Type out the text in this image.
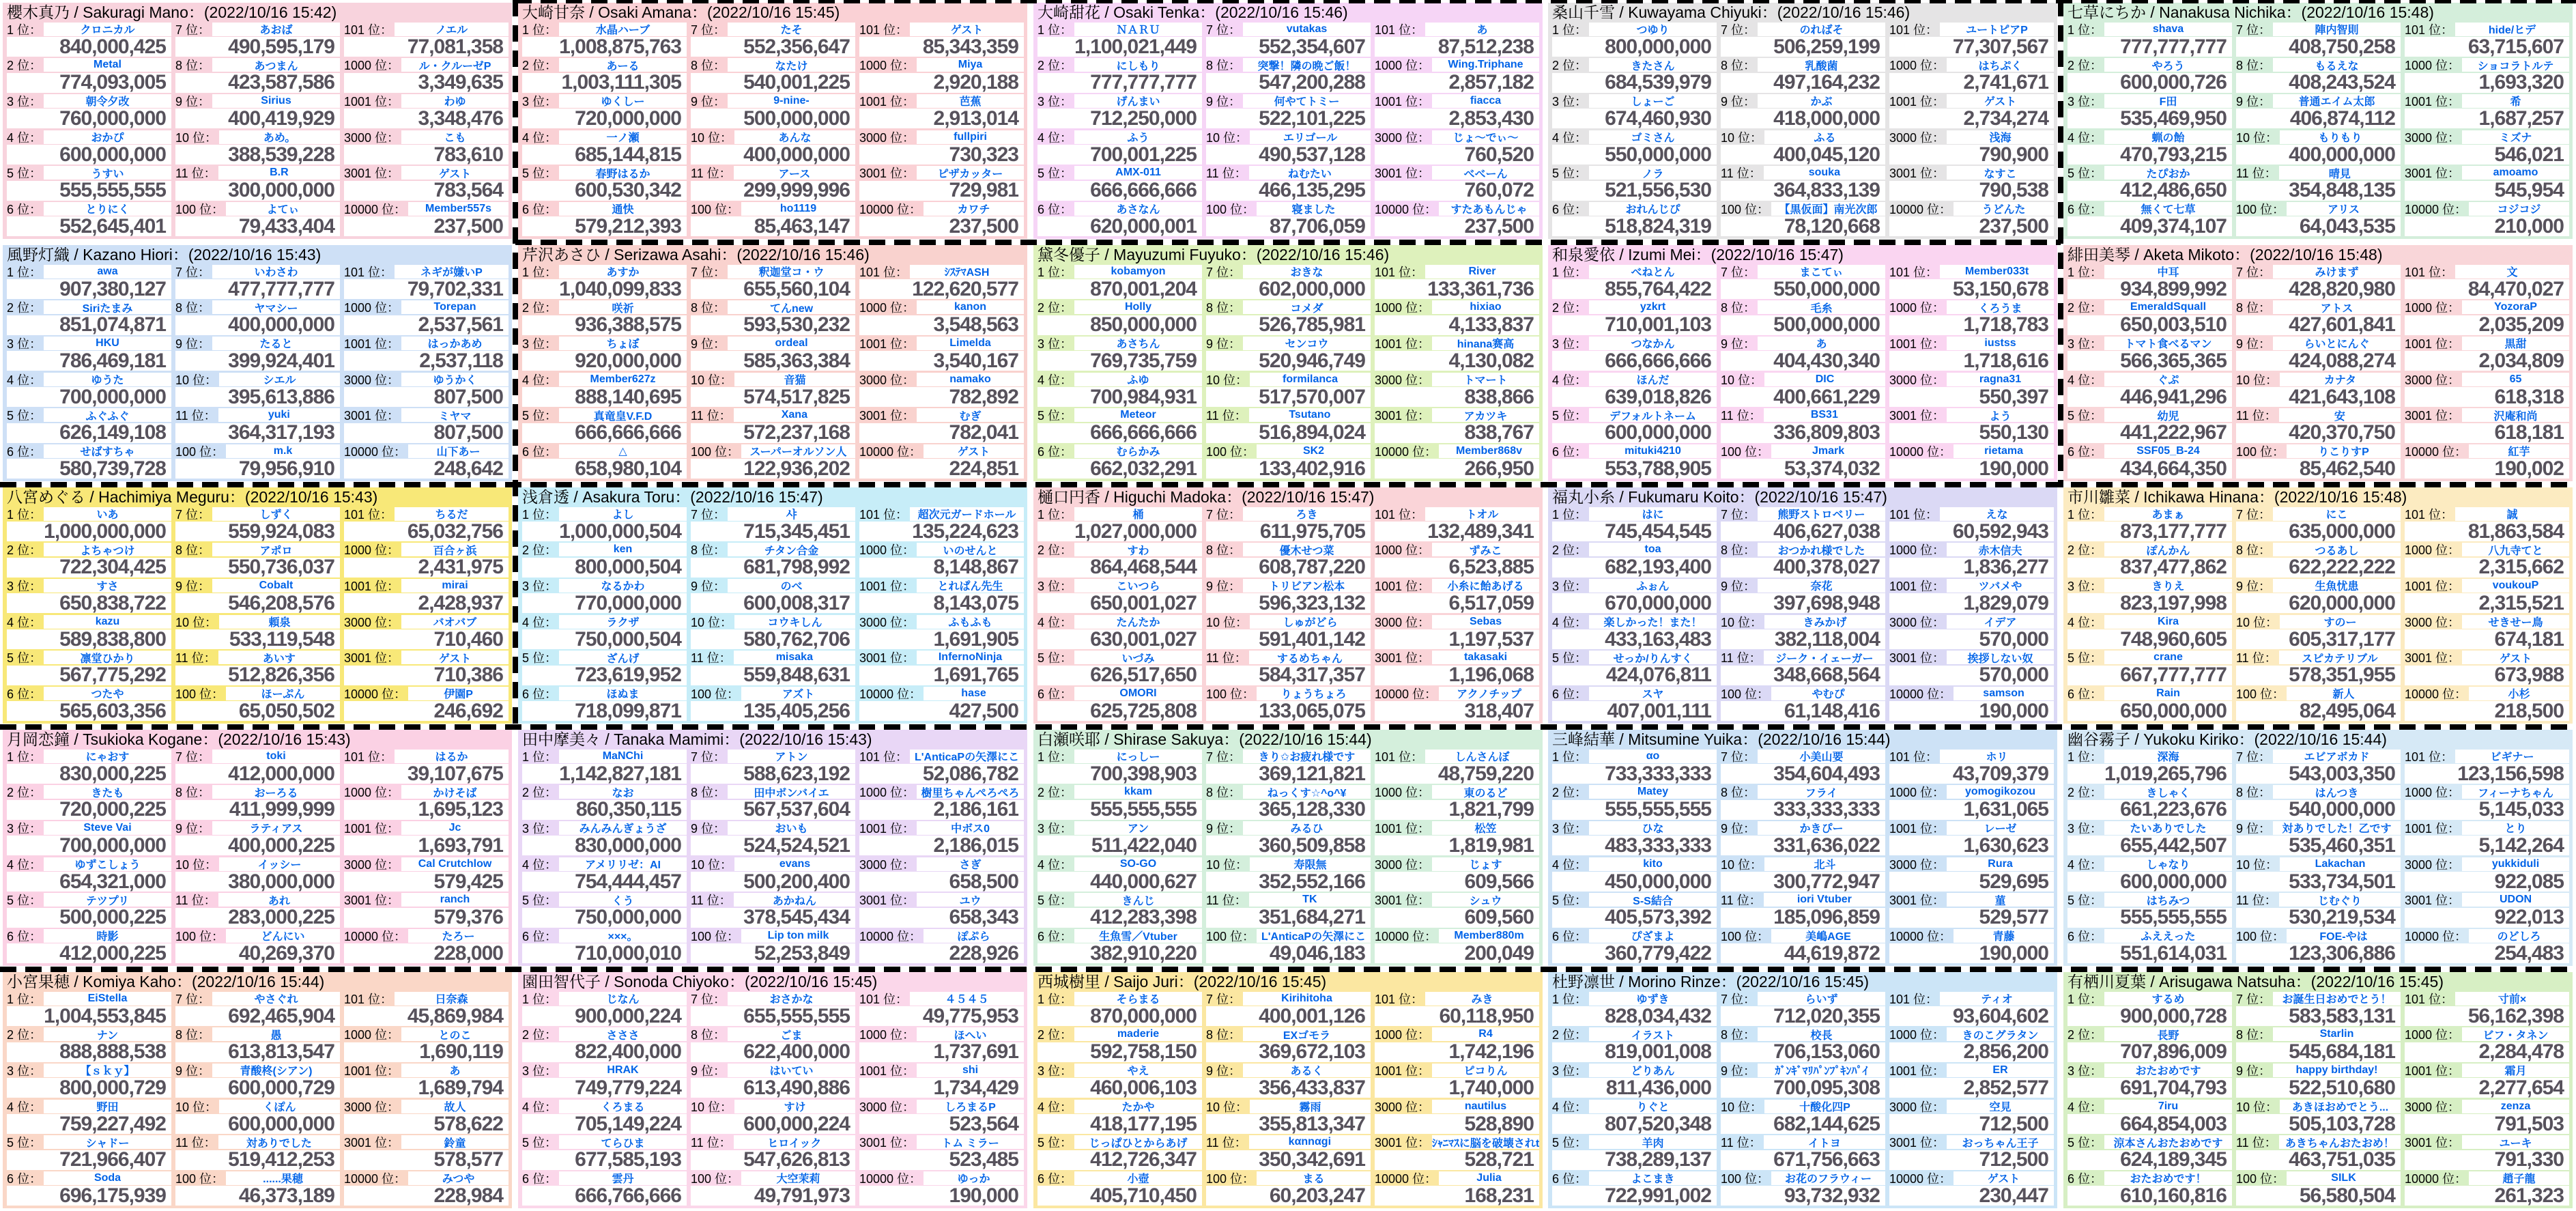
櫻木真乃 / Sakuragi Mano：(2022/10/16 15:42)
1 位：	クロニカル
840,000,425
2 位：	Metal
774,093,005
3 位：	朝令夕改
760,000,000
4 位：	おかぴ
600,000,000
5 位：	うすい
555,555,555
6 位：	とりにく
552,645,401
7 位：	あおば
490,595,179
8 位：	あつまん
423,587,586
9 位：	Sirius
400,419,929
10 位：	あめ。
388,539,228
11 位：	B.R
300,000,000
100 位：	よてぃ
79,433,404
101 位：	ノエル
77,081,358
1000 位： ル・クルーゼP
3,349,635
1001 位：	わゆ
3,348,476
3000 位：	こも
783,610
3001 位：	ゲスト
783,564
10000 位： Member557s
237,500
大崎甘奈 / Osaki Amana：(2022/10/16 15:45)
1 位：	水晶ハーブ
1,008,875,763
2 位：	あーる
1,003,111,305
3 位：	ゆくしー
720,000,000
4 位：	一ノ瀬
685,144,815
5 位：	春野はるか
600,530,342
6 位：	通快
579,212,393
7 位：	たそ
552,356,647
8 位：	なたけ
540,001,225
9 位：	9-nine-
500,000,000
10 位：	あんな
400,000,000
11 位：	アース
299,999,996
100 位：	ho1119
85,463,147
101 位：	ゲスト
85,343,359
1000 位：	Miya
2,920,188
1001 位：	芭蕉
2,913,014
3000 位：	fullpiri
730,323
3001 位： ピザカッター
729,981
10000 位：	カワチ
237,500
大崎甜花 / Osaki Tenka：(2022/10/16 15:46)
1 位：	ＮＡＲＵ
1,100,021,449
2 位：	にしもり
777,777,777
3 位：	げんまい
712,250,000
4 位：	ふう
700,001,225
5 位：	AMX-011
666,666,666
6 位：	あさなん
620,000,001
7 位：	vutakas
552,354,607
8 位： 突撃！隣の晩ご飯！
547,200,288
9 位：	何やてトミー
522,101,225
10 位：	エリゴール
490,537,128
11 位：	ねむたい
466,135,295
100 位：	寝ました
87,706,059
101 位：	あ
87,512,238
1000 位： Wing.Triphane
2,857,182
1001 位：	fiacca
2,853,430
3000 位： じょ〜でぃ〜
760,520
3001 位：	べべーん
760,072
10000 位： すたあもんじゃ
237,500
桑山千雪 / Kuwayama Chiyuki：(2022/10/16 15:46)
1 位：	つゆり
800,000,000
2 位：	きたさん
684,539,979
3 位：	しょーご
674,460,930
4 位：	ゴミさん
550,000,000
5 位：	ノラ
521,556,530
6 位：	おれんじぴ
518,824,319
7 位：	のればそ
506,259,199
8 位：	乳酸菌
497,164,232
9 位：	かぶ
418,000,000
10 位：	ふる
400,045,120
11 位：	souka
364,833,139
100 位： 【黒仮面】南光次郎
78,120,668
101 位：	ユートピアP
77,307,567
1000 位：	はちぷく
2,741,671
1001 位：	ゲスト
2,734,274
3000 位：	浅海
790,900
3001 位：	なすこ
790,538
10000 位：	うどんた
237,500
七草にちか / Nanakusa Nichika：(2022/10/16 15:48)
1 位：	shava
777,777,777
2 位：	やろう
600,000,726
3 位：	F田
535,469,950
4 位：	蝋の飴
470,793,215
5 位：	たぴおか
412,486,650
6 位：	無くて七草
409,374,107
7 位：	陣内智則
408,750,258
8 位：	もるえな
408,243,524
9 位：	普通エイム太郎
406,874,112
10 位：	もりもり
400,000,000
11 位：	晴見
354,848,135
100 位：	アリス
64,043,535
101 位：	hide/ヒデ
63,715,607
1000 位： ショコラトルテ
1,693,320
1001 位：	希
1,687,257
3000 位：	ミズナ
546,021
3001 位：	amoamo
545,954
10000 位：	コジコジ
210,000
風野灯織 / Kazano Hiori：(2022/10/16 15:43)
1 位：	awa
907,380,127
2 位：	Siriたまみ
851,074,871
3 位：	HKU
786,469,181
4 位：	ゆうた
700,000,000
5 位：	ふぐふぐ
626,149,108
6 位：	せばすちゃ
580,739,728
7 位：	いわさわ
477,777,777
8 位：	ヤマシー
400,000,000
9 位：	たると
399,924,401
10 位：	シエル
395,613,886
11 位：	yuki
364,317,193
100 位：	m.k
79,956,910
101 位：	ネギが嫌いP
79,702,331
1000 位：	Torepan
2,537,561
1001 位：	はっかあめ
2,537,118
3000 位：	ゆうかく
807,500
3001 位：	ミヤマ
807,500
10000 位：	山下あー
248,642
芹沢あさひ / Serizawa Asahi：(2022/10/16 15:46)
1 位：	あすか
1,040,099,833
2 位：	咲祈
936,388,575
3 位：	ちょぼ
920,000,000
4 位：	Member627z
888,140,695
5 位：	真竜皇V.F.D
666,666,666
6 位：	△
658,980,104
7 位：	釈迦堂コ・ウ
655,560,104
8 位：	てんnew
593,530,232
9 位：	ordeal
585,363,384
10 位：	音猫
574,517,825
11 位：	Xana
572,237,168
100 位： スーパーオルソン人
122,936,202
101 位：	ｼｽﾃﾏASH
122,620,577
1000 位：	kanon
3,548,563
1001 位：	Limelda
3,540,167
3000 位：	namako
782,892
3001 位：	むぎ
782,041
10000 位：	ゲスト
224,851
黛冬優子 / Mayuzumi Fuyuko：(2022/10/16 15:46)
1 位：	kobamyon
870,001,204
2 位：	Holly
850,000,000
3 位：	あさちん
769,735,759
4 位：	ふゆ
700,984,931
5 位：	Meteor
666,666,666
6 位：	むらかみ
662,032,291
7 位：	おきな
602,000,000
8 位：	コメダ
526,785,981
9 位：	センコウ
520,946,749
10 位：	formilanca
517,570,007
11 位：	Tsutano
516,894,024
100 位：	SK2
133,402,916
101 位：	River
133,361,736
1000 位：	hixiao
4,133,837
1001 位： hinana赛高
4,130,082
3000 位：	トマート
838,866
3001 位：	アカツキ
838,767
10000 位： Member868v
266,950
和泉愛依 / Izumi Mei：(2022/10/16 15:47)
1 位：	べねとん
855,764,422
2 位：	yzkrt
710,001,103
3 位：	つなかん
666,666,666
4 位：	ほんだ
639,018,826
5 位： デフォルトネーム
600,000,000
6 位：	mituki4210
553,788,905
7 位：	まこてぃ
550,000,000
8 位：	毛糸
500,000,000
9 位：	あ
404,430,340
10 位：	DIC
400,661,229
11 位：	BS31
336,809,803
100 位：	Jmark
53,374,032
101 位： Member033t
53,150,678
1000 位：	くろうま
1,718,783
1001 位：	iustss
1,718,616
3000 位：	ragna31
550,397
3001 位：	よう
550,130
10000 位：	rietama
190,000
緋田美琴 / Aketa Mikoto：(2022/10/16 15:48)
1 位：	中耳
934,899,992
2 位：	EmeraldSquall
650,003,510
3 位： トマト食べるマン
566,365,365
4 位：	ぐぷ
446,941,296
5 位：	幼児
441,222,967
6 位：	SSF05_B-24
434,664,350
7 位：	みけまず
428,820,980
8 位：	アトス
427,601,841
9 位：	らいとにんぐ
424,088,274
10 位：	カナタ
421,643,108
11 位：	安
420,370,750
100 位：	りこりすP
85,462,540
101 位：	文
84,470,027
1000 位：	YozoraP
2,035,209
1001 位：	黒甜
2,034,809
3000 位：	65
618,318
3001 位：	沢庵和尚
618,181
10000 位：	紅芋
190,002
八宮めぐる / Hachimiya Meguru：(2022/10/16 15:43)
1 位：	いあ
1,000,000,000
2 位：	よちゃつけ
722,304,425
3 位：	すさ
650,838,722
4 位：	kazu
589,838,800
5 位：	凛堂ひかり
567,775,292
6 位：	つたや
565,603,356
7 位：	しずく
559,924,083
8 位：	アポロ
550,736,037
9 位：	Cobalt
546,208,576
10 位：	頼泉
533,119,548
11 位：	あいす
512,826,356
100 位：	ほーぷん
65,050,502
101 位：	ちるだ
65,032,756
1000 位：	百合ヶ浜
2,431,975
1001 位：	mirai
2,428,937
3000 位：	バオバブ
710,460
3001 位：	ゲスト
710,386
10000 位：	伊園P
246,692
浅倉透 / Asakura Toru：(2022/10/16 15:47)
1 位：	よし
1,000,000,504
2 位：	ken
800,000,504
3 位：	なるかわ
770,000,000
4 位：	ラクザ
750,000,504
5 位：	ざんげ
723,619,952
6 位：	ほぬま
718,099,871
7 位：	샤
715,345,451
8 位：	チタン合金
681,798,992
9 位：	のべ
600,008,317
10 位：	コウキしん
580,762,706
11 位：	misaka
559,848,631
100 位：	アズト
135,405,256
101 位： 超次元ガードホール
135,224,623
1000 位：	いのせんと
8,148,867
1001 位： とれぱん先生
8,143,075
3000 位：	ふもふも
1,691,905
3001 位： InfernoNinja
1,691,765
10000 位：	hase
427,500
樋口円香 / Higuchi Madoka：(2022/10/16 15:47)
1 位：	桶
1,027,000,000
2 位：	すわ
864,468,544
3 位：	こいつら
650,001,027
4 位：	たんたか
630,001,027
5 位：	いづみ
626,517,650
6 位：	OMORI
625,725,808
7 位：	ろき
611,975,705
8 位：	優木せつ菜
608,787,220
9 位：	トリビアン松本
596,323,132
10 位：	しゅがどら
591,401,142
11 位：	するめちゃん
584,317,357
100 位： りょうちょろ
133,065,075
101 位：	トオル
132,489,341
1000 位：	ずみこ
6,523,885
1001 位： 小糸に飴あげる
6,517,059
3000 位：	Sebas
1,197,537
3001 位：	takasaki
1,196,068
10000 位： アクノチップ
318,407
福丸小糸 / Fukumaru Koito：(2022/10/16 15:47)
1 位：	はに
745,454,545
2 位：	toa
682,193,400
3 位：	ふぉん
670,000,000
4 位： 楽しかった！また！
433,163,483
5 位： せっか/りんすく
424,076,811
6 位：	スヤ
407,001,111
7 位： 熊野ストロベリー
406,627,038
8 位： おつかれ様でした
400,378,027
9 位：	奈花
397,698,948
10 位：	きみかげ
382,118,004
11 位： ジーク・イェーガー
348,668,564
100 位：	やむぴ
61,148,416
101 位：	えな
60,592,943
1000 位：	赤木信夫
1,836,277
1001 位：	ツバメや
1,829,079
3000 位：	イデア
570,000
3001 位： 挨拶しない奴
570,000
10000 位：	samson
190,000
市川雛菜 / Ichikawa Hinana：(2022/10/16 15:48)
1 位：	あまぁ
873,177,777
2 位：	ぽんかん
837,477,862
3 位：	きりえ
823,197,998
4 位：	Kira
748,960,605
5 位：	crane
667,777,777
6 位：	Rain
650,000,000
7 位：	にこ
635,000,000
8 位：	つるあし
622,222,222
9 位：	生魚忧患
620,000,000
10 位：	すのー
605,317,177
11 位： スピカテリブル
578,351,955
100 位：	新人
82,495,064
101 位：	誠
81,863,584
1000 位：	八九寺てと
2,315,662
1001 位：	voukouP
2,315,521
3000 位：	せきせー鳥
674,181
3001 位：	ゲスト
673,988
10000 位：	小杉
218,500
月岡恋鐘 / Tsukioka Kogane：(2022/10/16 15:43)
1 位：	にゃおす
830,000,225
2 位：	きたも
720,000,225
3 位：	Steve Vai
700,000,000
4 位：	ゆずこしょう
654,321,000
5 位：	テツプリ
500,000,225
6 位：	時影
412,000,225
7 位：	toki
412,000,000
8 位：	おーろる
411,999,999
9 位：	ラティアス
400,000,225
10 位：	イッシー
380,000,000
11 位：	あれ
283,000,225
100 位：	どんにい
40,269,370
101 位：	はるか
39,107,675
1000 位：	かけそば
1,695,123
1001 位：	Jc
1,693,791
3000 位： Cal Crutchlow
579,425
3001 位：	ranch
579,376
10000 位：	たろー
228,000
田中摩美々 / Tanaka Mamimi：(2022/10/16 15:43)
1 位：	MaNChi
1,142,827,181
2 位：	なお
860,350,115
3 位： みんみんぎょうざ
830,000,000
4 位：	アメリリゼ：AI
754,444,457
5 位：	くう
750,000,000
6 位：	×××。
710,000,010
7 位：	アトン
588,623,192
8 位：	田中ボンバイエ
567,537,604
9 位：	おいも
524,524,521
10 位：	evans
500,200,400
11 位：	あかねん
378,545,434
100 位：	Lip ton milk
52,253,849
101 位： L'AnticaPの矢澤にこ
52,086,782
1000 位： 樹里ちゃんぺろぺろ
2,186,161
1001 位：	中ボス0
2,186,015
3000 位：	さぎ
658,500
3001 位：	ユウ
658,343
10000 位：	ぽぷら
228,926
白瀬咲耶 / Shirase Sakuya：(2022/10/16 15:44)
1 位：	にっしー
700,398,903
2 位：	kkam
555,555,555
3 位：	アン
511,422,040
4 位：	SO-GO
440,000,627
5 位：	きんじ
412,283,398
6 位： 生魚雪／Vtuber
382,910,220
7 位： きり✩お疲れ様です
369,121,821
8 位： ねっくす☆^o^¥
365,128,330
9 位：	みるひ
360,509,858
10 位：	寿限無
352,552,166
11 位：	TK
351,684,271
100 位： L'AnticaPの矢澤にこ
49,046,183
101 位：	しんさんぼ
48,759,220
1000 位：	東のるど
1,821,799
1001 位：	松笠
1,819,981
3000 位：	じょす
609,566
3001 位：	シュウ
609,560
10000 位： Member880m
200,049
三峰結華 / Mitsumine Yuika：(2022/10/16 15:44)
1 位：	αo
733,333,333
2 位：	Matey
555,555,555
3 位：	ひな
483,333,333
4 位：	kito
450,000,000
5 位：	S-S結合
405,573,392
6 位：	ぴざまよ
360,779,422
7 位：	小美山要
354,604,493
8 位：	フライ
333,333,333
9 位：	かきぴー
331,636,022
10 位：	北斗
300,772,947
11 位：	iori Vtuber
185,096,859
100 位：	美嶋AGE
44,619,872
101 位：	ホリ
43,709,379
1000 位： yomogikozou
1,631,065
1001 位：	レーゼ
1,630,623
3000 位：	Rura
529,695
3001 位：	菫
529,577
10000 位：	青藤
190,000
幽谷霧子 / Yukoku Kiriko：(2022/10/16 15:44)
1 位：	深海
1,019,265,796
2 位：	きしゃく
661,223,676
3 位：	たいありでした
655,442,507
4 位：	しゃなり
600,000,000
5 位：	はちみつ
555,555,555
6 位：	ふええった
551,614,031
7 位：	エビアボカド
543,003,350
8 位：	はんつき
540,000,000
9 位： 対ありでした！乙です
535,460,351
10 位：	Lakachan
533,734,501
11 位：	じむぐり
530,219,534
100 位：	FOE-やは
123,306,886
101 位：	ビギナー
123,156,598
1000 位： フィーナちゃん
5,145,033
1001 位：	とり
5,142,264
3000 位：	yukkiduli
922,085
3001 位：	UDON
922,013
10000 位：	のどしろ
254,483
小宮果穂 / Komiya Kaho：(2022/10/16 15:44)
1 位：	EiStella
1,004,553,845
2 位：	ナン
888,888,538
3 位：	【ｓｋｙ】
800,000,729
4 位：	野田
759,227,492
5 位：	シャドー
721,966,407
6 位：	Soda
696,175,939
7 位：	やさぐれ
692,465,904
8 位：	愚
613,813,547
9 位：	青酸柊(シアン)
600,000,729
10 位：	くぽん
600,000,000
11 位：	対ありでした
519,412,253
100 位：	......果穂
46,373,189
101 位：	日奈森
45,869,984
1000 位：	とのこ
1,690,119
1001 位：	あ
1,689,794
3000 位：	故人
578,622
3001 位：	鈴童
578,577
10000 位：	みつや
228,984
園田智代子 / Sonoda Chiyoko：(2022/10/16 15:45)
1 位：	じなん
900,000,224
2 位：	さささ
822,400,000
3 位：	HRAK
749,779,224
4 位：	くろまる
705,149,224
5 位：	てらひま
677,585,193
6 位：	雲丹
666,766,666
7 位：	おさかな
655,555,555
8 位：	ごま
622,400,000
9 位：	はいてい
613,490,886
10 位：	すけ
600,000,224
11 位：	ヒロイック
547,626,813
100 位：	大空茉莉
49,791,973
101 位：	４５４５
49,775,953
1000 位：	ほへい
1,737,691
1001 位：	shi
1,734,429
3000 位：	しろまるP
523,564
3001 位： トム ミラー
523,485
10000 位：	ゆっか
190,000
西城樹里 / Saijo Juri：(2022/10/16 15:45)
1 位：	そらまる
870,000,000
2 位：	maderie
592,758,150
3 位：	やえ
460,006,103
4 位：	たかや
418,177,195
5 位： じっぱひとからあげ
412,726,347
6 位：	小壺
405,710,450
7 位：	Kirihitoha
400,001,126
8 位：	EXゴモラ
369,672,103
9 位：	あるく
356,433,837
10 位：	霧雨
355,813,347
11 位：	kαnnαgi
350,342,691
100 位：	まる
60,203,247
101 位：	みき
60,118,950
1000 位：	R4
1,742,196
1001 位：	ピコりん
1,740,000
3000 位：	nautilus
528,890
3001 位： ｼｬﾆﾏｽに脳を破壊されt
528,721
10000 位：	Julia
168,231
杜野凛世 / Morino Rinze：(2022/10/16 15:45)
1 位：	ゆずき
828,034,432
2 位：	イラスト
819,001,008
3 位：	どりあん
811,436,000
4 位：	りぐと
807,520,348
5 位：	羊肉
738,289,137
6 位：	よこまき
722,991,002
7 位：	らいず
712,020,355
8 位：	校長
706,153,060
9 位： ｶﾞﾝｷﾞﾏﾘﾊﾟﾝﾌﾟｷﾝﾊﾟｲ
700,095,308
10 位：	十酸化四P
682,144,625
11 位：	イトヨ
671,756,663
100 位： お花のフラウィー
93,732,932
101 位：	ティオ
93,604,602
1000 位： きのこグラタン
2,856,200
1001 位：	ER
2,852,577
3000 位：	空見
712,500
3001 位： おっちゃん王子
712,500
10000 位：	ゲスト
230,447
有栖川夏葉 / Arisugawa Natsuha：(2022/10/16 15:45)
1 位：	するめ
900,000,728
2 位：	長野
707,896,009
3 位：	おたおめです
691,704,793
4 位：	7iru
664,854,003
5 位： 涼本さんおたおめです
624,189,345
6 位：	おたおめです！
610,160,816
7 位： お誕生日おめでとう！
583,583,131
8 位：	Starlin
545,684,181
9 位： happy birthday!
522,510,680
10 位： あきほおめでとう...
505,103,728
11 位： あきちゃんおたおめ！
463,751,035
100 位：	SILK
56,580,504
101 位：	寸前×
56,162,398
1000 位： ビフ・タネン
2,284,478
1001 位：	霜月
2,277,654
3000 位：	zenza
791,503
3001 位：	ユーキ
791,330
10000 位：	趙子龍
261,323
